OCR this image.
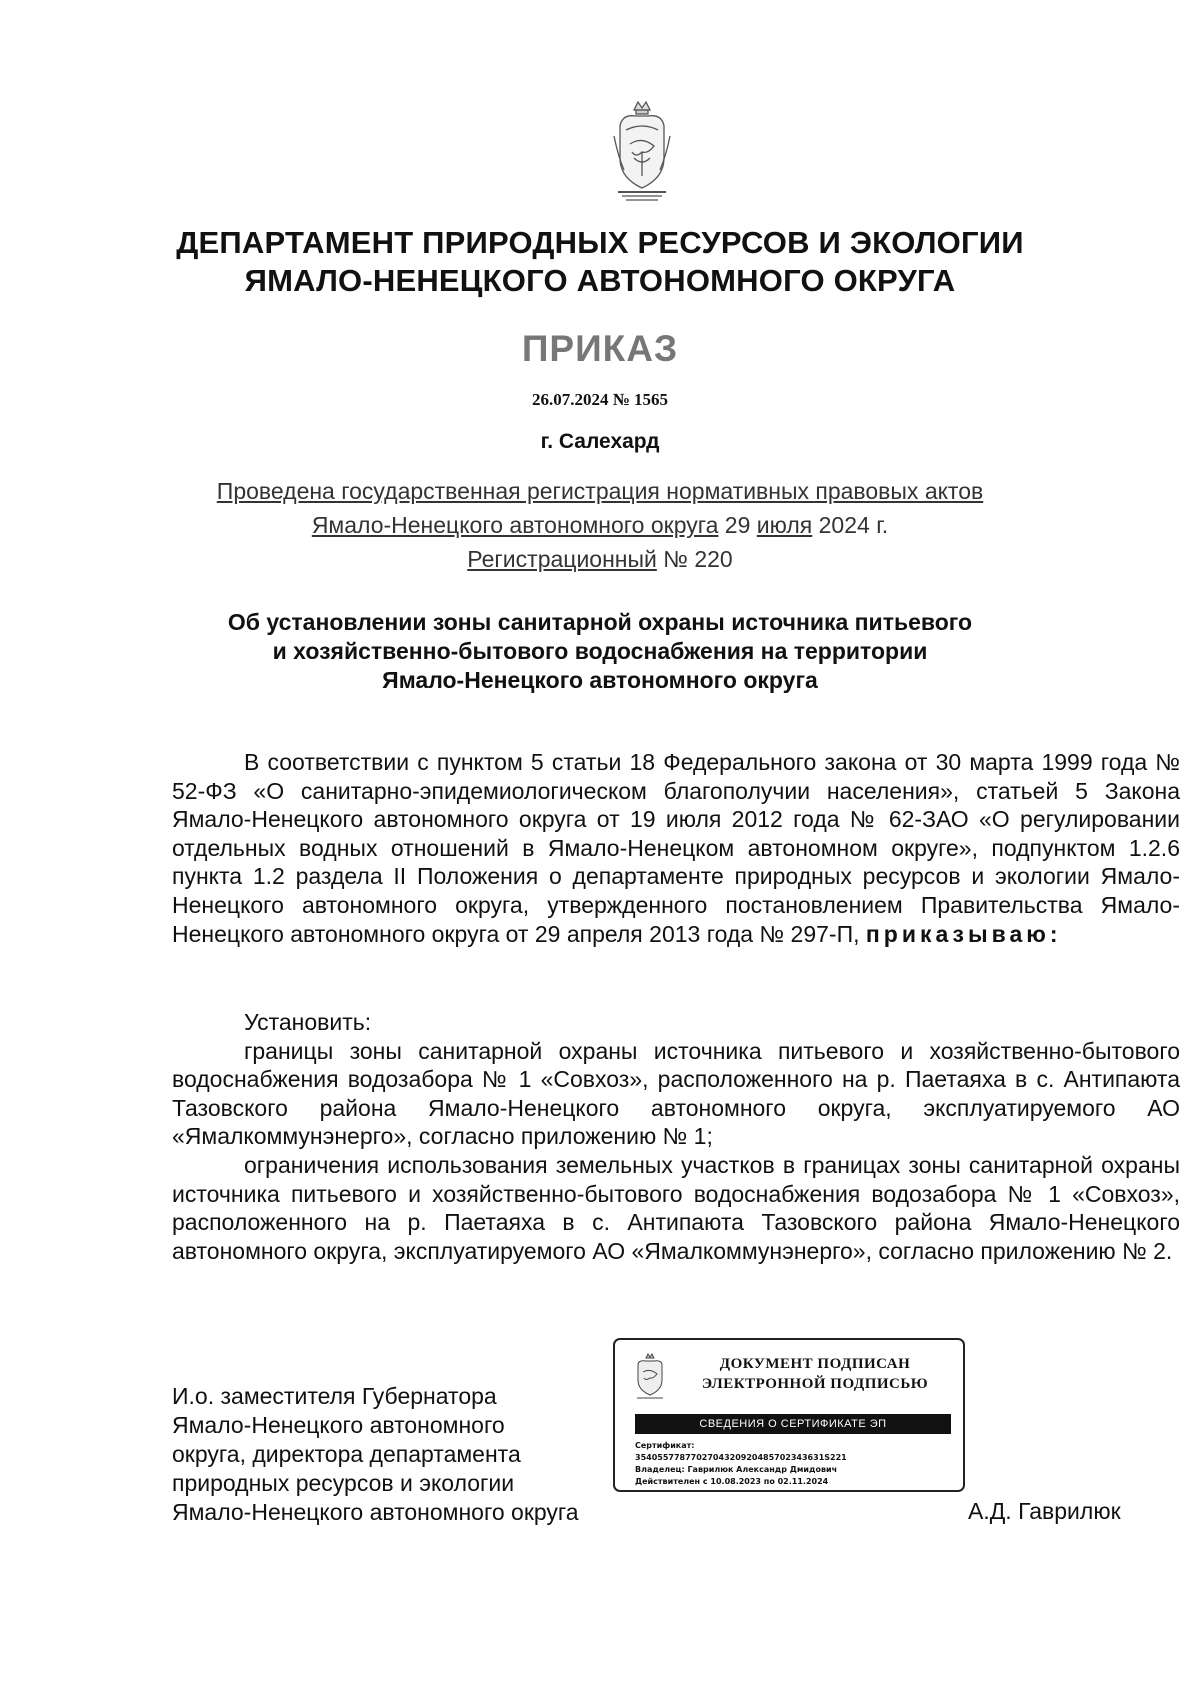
ДЕПАРТАМЕНТ ПРИРОДНЫХ РЕСУРСОВ И ЭКОЛОГИИ
ЯМАЛО-НЕНЕЦКОГО АВТОНОМНОГО ОКРУГА
ПРИКАЗ
26.07.2024 № 1565
г. Салехард
Проведена государственная регистрация нормативных правовых актов
Ямало-Ненецкого автономного округа 29 июля 2024 г.
Регистрационный № 220
Об установлении зоны санитарной охраны источника питьевого
и хозяйственно-бытового водоснабжения на территории
Ямало-Ненецкого автономного округа

В соответствии с пунктом 5 статьи 18 Федерального закона от 30 марта 1999 года № 52-ФЗ «О санитарно-эпидемиологическом благополучии населения», статьей 5 Закона Ямало-Ненецкого автономного округа от 19 июля 2012 года № 62-ЗАО «О регулировании отдельных водных отношений в Ямало-Ненецком автономном округе», подпунктом 1.2.6 пункта 1.2 раздела II Положения о департаменте природных ресурсов и экологии Ямало-Ненецкого автономного округа, утвержденного постановлением Правительства Ямало-Ненецкого автономного округа от 29 апреля 2013 года № 297-П, приказываю:

Установить:

границы зоны санитарной охраны источника питьевого и хозяйственно-бытового водоснабжения водозабора № 1 «Совхоз», расположенного на р. Паетаяха в с. Антипаюта Тазовского района Ямало-Ненецкого автономного округа, эксплуатируемого АО «Ямалкоммунэнерго», согласно приложению № 1;

ограничения использования земельных участков в границах зоны санитарной охраны источника питьевого и хозяйственно-бытового водоснабжения водозабора № 1 «Совхоз», расположенного на р. Паетаяха в с. Антипаюта Тазовского района Ямало-Ненецкого автономного округа, эксплуатируемого АО «Ямалкоммунэнерго», согласно приложению № 2.

И.о. заместителя Губернатора
Ямало-Ненецкого автономного
округа, директора департамента
природных ресурсов и экологии
Ямало-Ненецкого автономного округа
ДОКУМЕНТ ПОДПИСАН
ЭЛЕКТРОННОЙ ПОДПИСЬЮ
СВЕДЕНИЯ О СЕРТИФИКАТЕ ЭП
Сертификат:
3540557787702704320920485702343631S221
Владелец: Гаврилюк Александр Дмидович
Действителен с 10.08.2023 по 02.11.2024
А.Д. Гаврилюк
